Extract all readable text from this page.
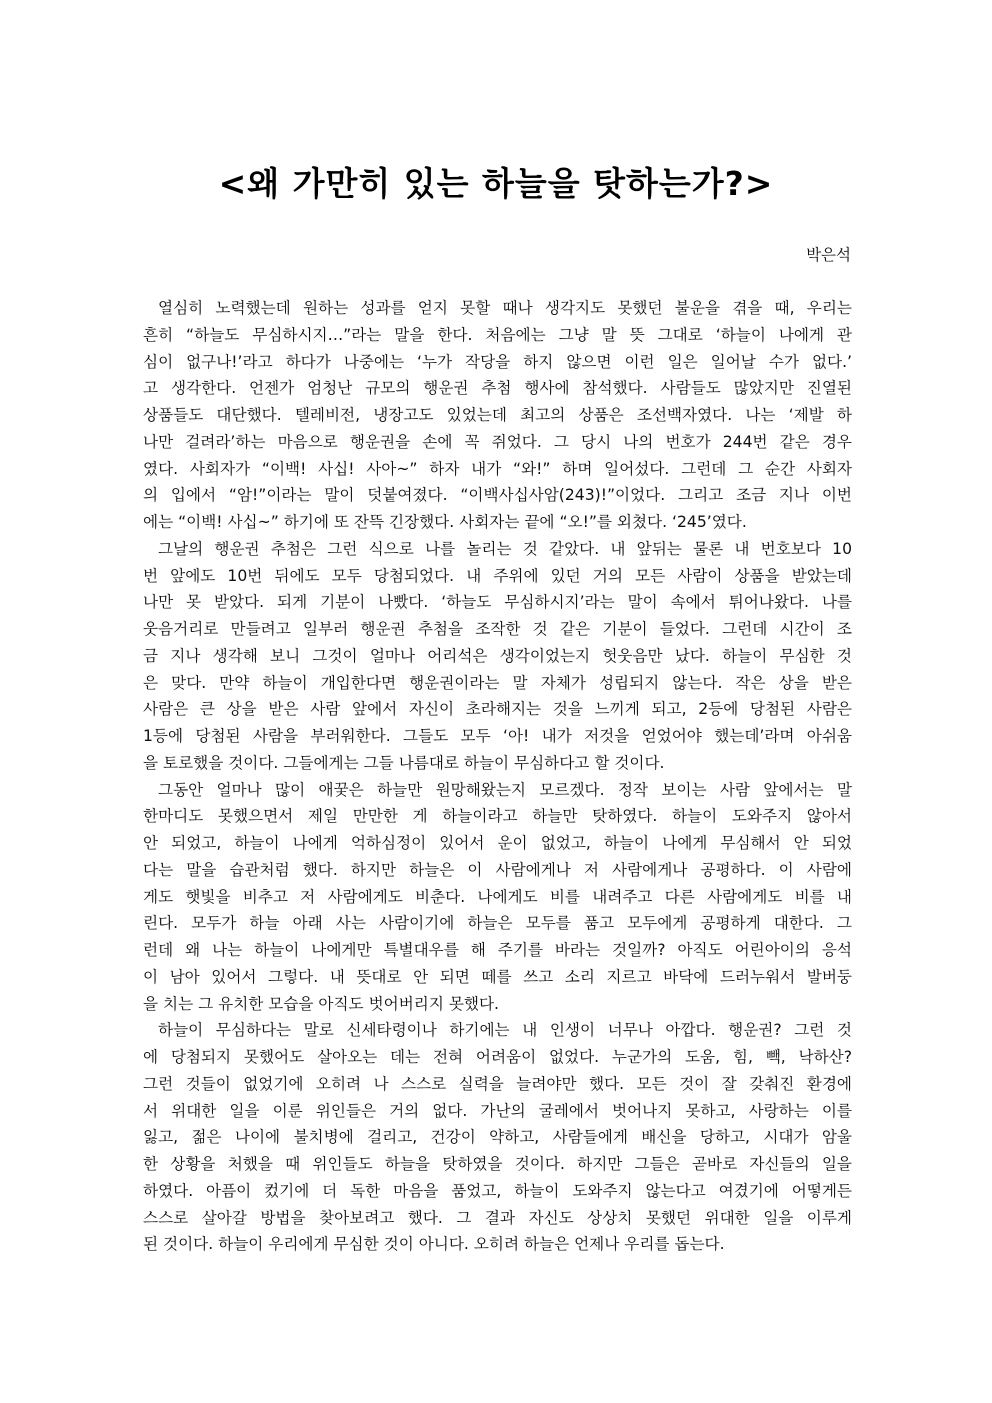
<왜 가만히 있는 하늘을 탓하는가?>
박은석
열심히 노력했는데 원하는 성과를 얻지 못할 때나 생각지도 못했던 불운을 겪을 때, 우리는
흔히 “하늘도 무심하시지…”라는 말을 한다. 처음에는 그냥 말 뜻 그대로 ‘하늘이 나에게 관
심이 없구나!’라고 하다가 나중에는 ‘누가 작당을 하지 않으면 이런 일은 일어날 수가 없다.’
고 생각한다. 언젠가 엄청난 규모의 행운권 추첨 행사에 참석했다. 사람들도 많았지만 진열된
상품들도 대단했다. 텔레비전, 냉장고도 있었는데 최고의 상품은 조선백자였다. 나는 ‘제발 하
나만 걸려라’하는 마음으로 행운권을 손에 꼭 쥐었다. 그 당시 나의 번호가 244번 같은 경우
였다. 사회자가 “이백! 사십! 사아~” 하자 내가 “와!” 하며 일어섰다. 그런데 그 순간 사회자
의 입에서 “암!”이라는 말이 덧붙여졌다. “이백사십사암(243)!”이었다. 그리고 조금 지나 이번
에는 “이백! 사십~” 하기에 또 잔뜩 긴장했다. 사회자는 끝에 “오!”를 외쳤다. ‘245’였다.
그날의 행운권 추첨은 그런 식으로 나를 놀리는 것 같았다. 내 앞뒤는 물론 내 번호보다 10
번 앞에도 10번 뒤에도 모두 당첨되었다. 내 주위에 있던 거의 모든 사람이 상품을 받았는데
나만 못 받았다. 되게 기분이 나빴다. ‘하늘도 무심하시지’라는 말이 속에서 튀어나왔다. 나를
웃음거리로 만들려고 일부러 행운권 추첨을 조작한 것 같은 기분이 들었다. 그런데 시간이 조
금 지나 생각해 보니 그것이 얼마나 어리석은 생각이었는지 헛웃음만 났다. 하늘이 무심한 것
은 맞다. 만약 하늘이 개입한다면 행운권이라는 말 자체가 성립되지 않는다. 작은 상을 받은
사람은 큰 상을 받은 사람 앞에서 자신이 초라해지는 것을 느끼게 되고, 2등에 당첨된 사람은
1등에 당첨된 사람을 부러워한다. 그들도 모두 ‘아! 내가 저것을 얻었어야 했는데’라며 아쉬움
을 토로했을 것이다. 그들에게는 그들 나름대로 하늘이 무심하다고 할 것이다.
그동안 얼마나 많이 애꿎은 하늘만 원망해왔는지 모르겠다. 정작 보이는 사람 앞에서는 말
한마디도 못했으면서 제일 만만한 게 하늘이라고 하늘만 탓하였다. 하늘이 도와주지 않아서
안 되었고, 하늘이 나에게 억하심정이 있어서 운이 없었고, 하늘이 나에게 무심해서 안 되었
다는 말을 습관처럼 했다. 하지만 하늘은 이 사람에게나 저 사람에게나 공평하다. 이 사람에
게도 햇빛을 비추고 저 사람에게도 비춘다. 나에게도 비를 내려주고 다른 사람에게도 비를 내
린다. 모두가 하늘 아래 사는 사람이기에 하늘은 모두를 품고 모두에게 공평하게 대한다. 그
런데 왜 나는 하늘이 나에게만 특별대우를 해 주기를 바라는 것일까? 아직도 어린아이의 응석
이 남아 있어서 그렇다. 내 뜻대로 안 되면 떼를 쓰고 소리 지르고 바닥에 드러누워서 발버둥
을 치는 그 유치한 모습을 아직도 벗어버리지 못했다.
하늘이 무심하다는 말로 신세타령이나 하기에는 내 인생이 너무나 아깝다. 행운권? 그런 것
에 당첨되지 못했어도 살아오는 데는 전혀 어려움이 없었다. 누군가의 도움, 힘, 빽, 낙하산?
그런 것들이 없었기에 오히려 나 스스로 실력을 늘려야만 했다. 모든 것이 잘 갖춰진 환경에
서 위대한 일을 이룬 위인들은 거의 없다. 가난의 굴레에서 벗어나지 못하고, 사랑하는 이를
잃고, 젊은 나이에 불치병에 걸리고, 건강이 약하고, 사람들에게 배신을 당하고, 시대가 암울
한 상황을 처했을 때 위인들도 하늘을 탓하였을 것이다. 하지만 그들은 곧바로 자신들의 일을
하였다. 아픔이 컸기에 더 독한 마음을 품었고, 하늘이 도와주지 않는다고 여겼기에 어떻게든
스스로 살아갈 방법을 찾아보려고 했다. 그 결과 자신도 상상치 못했던 위대한 일을 이루게
된 것이다. 하늘이 우리에게 무심한 것이 아니다. 오히려 하늘은 언제나 우리를 돕는다.
